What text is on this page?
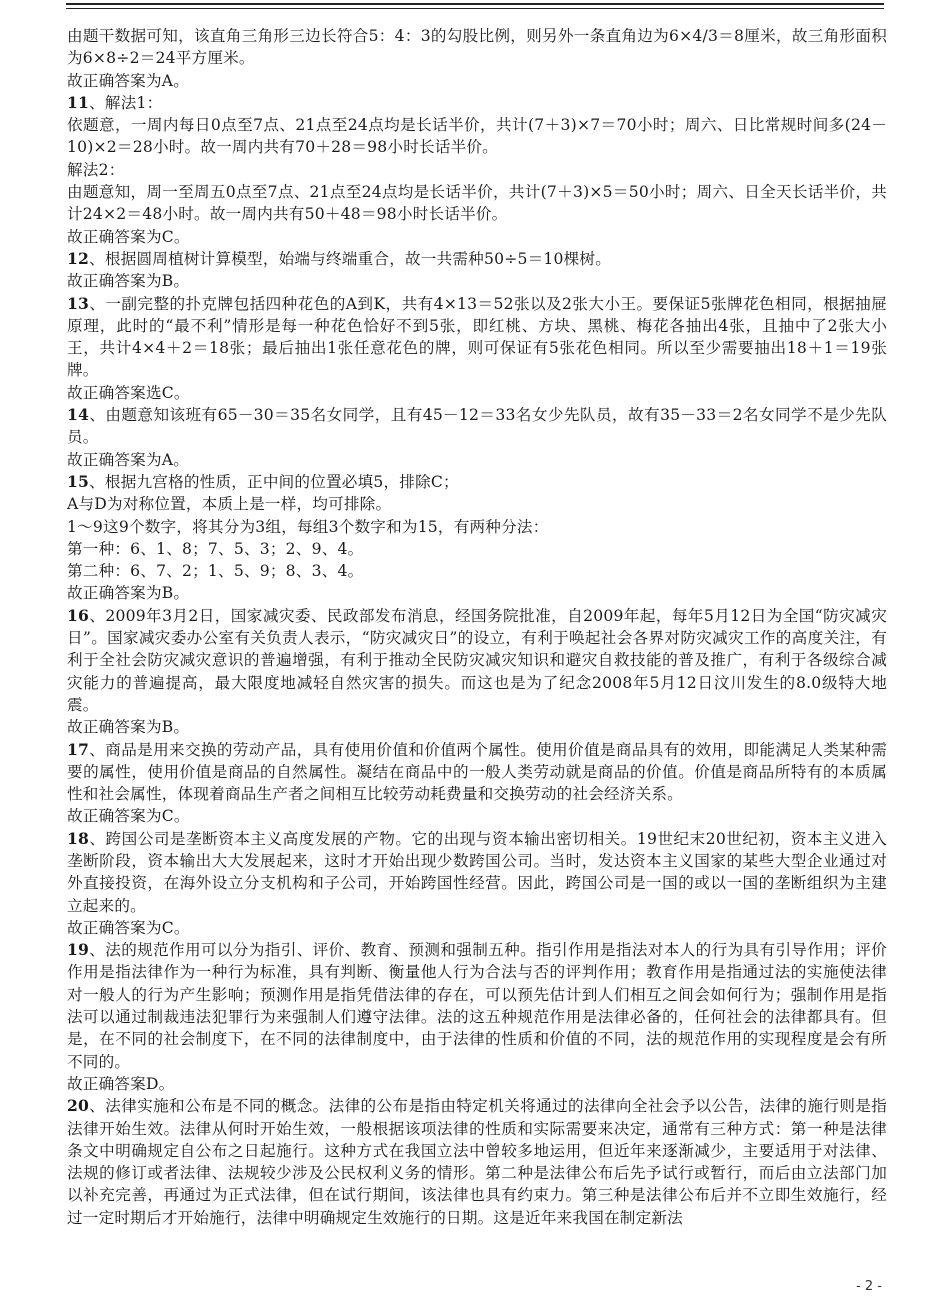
由题干数据可知，该直角三角形三边长符合5：4：3的勾股比例，则另外一条直角边为6×4/3＝8厘米，故三角形面积为6×8÷2＝24平方厘米。

故正确答案为A。

11、解法1：

依题意，一周内每日0点至7点、21点至24点均是长话半价，共计(7＋3)×7＝70小时；周六、日比常规时间多(24－10)×2＝28小时。故一周内共有70＋28＝98小时长话半价。

解法2：

由题意知，周一至周五0点至7点、21点至24点均是长话半价，共计(7＋3)×5＝50小时；周六、日全天长话半价，共计24×2＝48小时。故一周内共有50＋48＝98小时长话半价。

故正确答案为C。

12、根据圆周植树计算模型，始端与终端重合，故一共需种50÷5＝10棵树。

故正确答案为B。

13、一副完整的扑克牌包括四种花色的A到K，共有4×13＝52张以及2张大小王。要保证5张牌花色相同，根据抽屉原理，此时的“最不利”情形是每一种花色恰好不到5张，即红桃、方块、黑桃、梅花各抽出4张，且抽中了2张大小王，共计4×4＋2＝18张；最后抽出1张任意花色的牌，则可保证有5张花色相同。所以至少需要抽出18＋1＝19张牌。

故正确答案选C。

14、由题意知该班有65－30＝35名女同学，且有45－12＝33名女少先队员，故有35－33＝2名女同学不是少先队员。

故正确答案为A。

15、根据九宫格的性质，正中间的位置必填5，排除C；

A与D为对称位置，本质上是一样，均可排除。

1～9这9个数字，将其分为3组，每组3个数字和为15，有两种分法：

第一种：6、1、8；7、5、3；2、9、4。

第二种：6、7、2；1、5、9；8、3、4。

故正确答案为B。

16、2009年3月2日，国家减灾委、民政部发布消息，经国务院批准，自2009年起，每年5月12日为全国“防灾减灾日”。国家减灾委办公室有关负责人表示，“防灾减灾日”的设立，有利于唤起社会各界对防灾减灾工作的高度关注，有利于全社会防灾减灾意识的普遍增强，有利于推动全民防灾减灾知识和避灾自救技能的普及推广，有利于各级综合减灾能力的普遍提高，最大限度地减轻自然灾害的损失。而这也是为了纪念2008年5月12日汶川发生的8.0级特大地震。

故正确答案为B。

17、商品是用来交换的劳动产品，具有使用价值和价值两个属性。使用价值是商品具有的效用，即能满足人类某种需要的属性，使用价值是商品的自然属性。凝结在商品中的一般人类劳动就是商品的价值。价值是商品所特有的本质属性和社会属性，体现着商品生产者之间相互比较劳动耗费量和交换劳动的社会经济关系。

故正确答案为C。

18、跨国公司是垄断资本主义高度发展的产物。它的出现与资本输出密切相关。19世纪末20世纪初，资本主义进入垄断阶段，资本输出大大发展起来，这时才开始出现少数跨国公司。当时，发达资本主义国家的某些大型企业通过对外直接投资，在海外设立分支机构和子公司，开始跨国性经营。因此，跨国公司是一国的或以一国的垄断组织为主建立起来的。

故正确答案为C。

19、法的规范作用可以分为指引、评价、教育、预测和强制五种。指引作用是指法对本人的行为具有引导作用；评价作用是指法律作为一种行为标准，具有判断、衡量他人行为合法与否的评判作用；教育作用是指通过法的实施使法律对一般人的行为产生影响；预测作用是指凭借法律的存在，可以预先估计到人们相互之间会如何行为；强制作用是指法可以通过制裁违法犯罪行为来强制人们遵守法律。法的这五种规范作用是法律必备的，任何社会的法律都具有。但是，在不同的社会制度下，在不同的法律制度中，由于法律的性质和价值的不同，法的规范作用的实现程度是会有所不同的。

故正确答案D。

20、法律实施和公布是不同的概念。法律的公布是指由特定机关将通过的法律向全社会予以公告，法律的施行则是指法律开始生效。法律从何时开始生效，一般根据该项法律的性质和实际需要来决定，通常有三种方式：第一种是法律条文中明确规定自公布之日起施行。这种方式在我国立法中曾较多地运用，但近年来逐渐减少，主要适用于对法律、法规的修订或者法律、法规较少涉及公民权利义务的情形。第二种是法律公布后先予试行或暂行，而后由立法部门加以补充完善，再通过为正式法律，但在试行期间，该法律也具有约束力。第三种是法律公布后并不立即生效施行，经过一定时期后才开始施行，法律中明确规定生效施行的日期。这是近年来我国在制定新法

- 2 -
